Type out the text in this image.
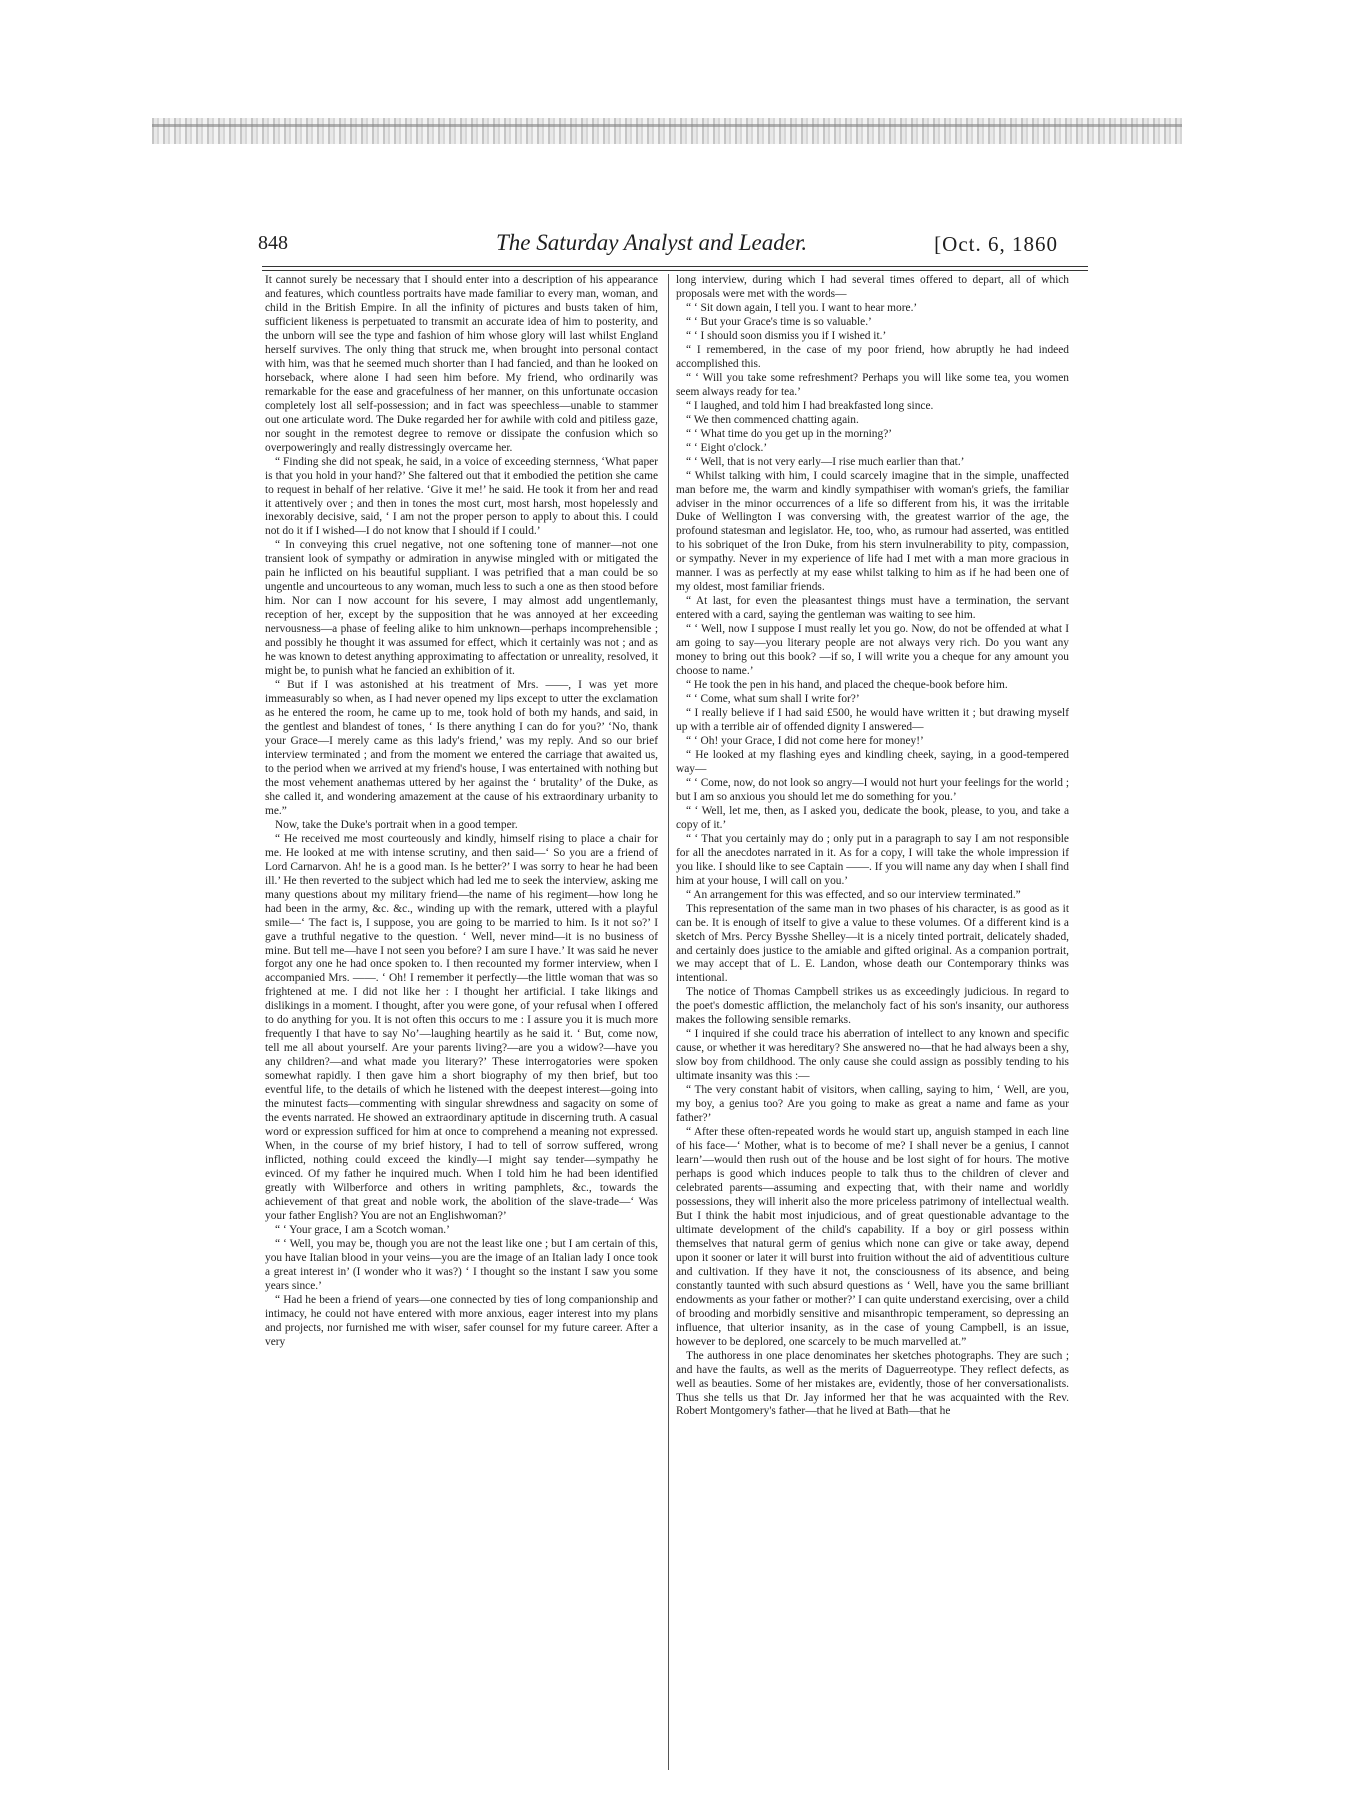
848	The Saturday Analyst and Leader.	[Oct. 6, 1860

It cannot surely be necessary that I should enter into a description of his appearance and features, which countless portraits have made familiar to every man, woman, and child in the British Empire. In all the infinity of pictures and busts taken of him, sufficient likeness is perpetuated to transmit an accurate idea of him to posterity, and the unborn will see the type and fashion of him whose glory will last whilst England herself survives. The only thing that struck me, when brought into personal contact with him, was that he seemed much shorter than I had fancied, and than he looked on horseback, where alone I had seen him before. My friend, who ordinarily was remarkable for the ease and gracefulness of her manner, on this unfortunate occasion completely lost all self-possession; and in fact was speechless—unable to stammer out one articulate word. The Duke regarded her for awhile with cold and pitiless gaze, nor sought in the remotest degree to remove or dissipate the confusion which so overpoweringly and really distressingly overcame her.

“ Finding she did not speak, he said, in a voice of exceeding sternness, ‘What paper is that you hold in your hand?’ She faltered out that it embodied the petition she came to request in behalf of her relative. ‘Give it me!’ he said. He took it from her and read it attentively over ; and then in tones the most curt, most harsh, most hopelessly and inexorably decisive, said, ‘ I am not the proper person to apply to about this. I could not do it if I wished—I do not know that I should if I could.’

“ In conveying this cruel negative, not one softening tone of manner—not one transient look of sympathy or admiration in anywise mingled with or mitigated the pain he inflicted on his beautiful suppliant. I was petrified that a man could be so ungentle and uncourteous to any woman, much less to such a one as then stood before him. Nor can I now account for his severe, I may almost add ungentlemanly, reception of her, except by the supposition that he was annoyed at her exceeding nervousness—a phase of feeling alike to him unknown—perhaps incomprehensible ; and possibly he thought it was assumed for effect, which it certainly was not ; and as he was known to detest anything approximating to affectation or unreality, resolved, it might be, to punish what he fancied an exhibition of it.

“ But if I was astonished at his treatment of Mrs. ——, I was yet more immeasurably so when, as I had never opened my lips except to utter the exclamation as he entered the room, he came up to me, took hold of both my hands, and said, in the gentlest and blandest of tones, ‘ Is there anything I can do for you?’ ‘No, thank your Grace—I merely came as this lady's friend,’ was my reply. And so our brief interview terminated ; and from the moment we entered the carriage that awaited us, to the period when we arrived at my friend's house, I was entertained with nothing but the most vehement anathemas uttered by her against the ‘ brutality’ of the Duke, as she called it, and wondering amazement at the cause of his extraordinary urbanity to me.”

Now, take the Duke's portrait when in a good temper.

“ He received me most courteously and kindly, himself rising to place a chair for me. He looked at me with intense scrutiny, and then said—‘ So you are a friend of Lord Carnarvon. Ah! he is a good man. Is he better?’ I was sorry to hear he had been ill.’ He then reverted to the subject which had led me to seek the interview, asking me many questions about my military friend—the name of his regiment—how long he had been in the army, &c. &c., winding up with the remark, uttered with a playful smile—‘ The fact is, I suppose, you are going to be married to him. Is it not so?’ I gave a truthful negative to the question. ‘ Well, never mind—it is no business of mine. But tell me—have I not seen you before? I am sure I have.’ It was said he never forgot any one he had once spoken to. I then recounted my former interview, when I accompanied Mrs. ——. ‘ Oh! I remember it perfectly—the little woman that was so frightened at me. I did not like her : I thought her artificial. I take likings and dislikings in a moment. I thought, after you were gone, of your refusal when I offered to do anything for you. It is not often this occurs to me : I assure you it is much more frequently I that have to say No’—laughing heartily as he said it. ‘ But, come now, tell me all about yourself. Are your parents living?—are you a widow?—have you any children?—and what made you literary?’ These interrogatories were spoken somewhat rapidly. I then gave him a short biography of my then brief, but too eventful life, to the details of which he listened with the deepest interest—going into the minutest facts—commenting with singular shrewdness and sagacity on some of the events narrated. He showed an extraordinary aptitude in discerning truth. A casual word or expression sufficed for him at once to comprehend a meaning not expressed. When, in the course of my brief history, I had to tell of sorrow suffered, wrong inflicted, nothing could exceed the kindly—I might say tender—sympathy he evinced. Of my father he inquired much. When I told him he had been identified greatly with Wilberforce and others in writing pamphlets, &c., towards the achievement of that great and noble work, the abolition of the slave-trade—‘ Was your father English? You are not an Englishwoman?’

“ ‘ Your grace, I am a Scotch woman.’

“ ‘ Well, you may be, though you are not the least like one ; but I am certain of this, you have Italian blood in your veins—you are the image of an Italian lady I once took a great interest in’ (I wonder who it was?) ‘ I thought so the instant I saw you some years since.’

“ Had he been a friend of years—one connected by ties of long companionship and intimacy, he could not have entered with more anxious, eager interest into my plans and projects, nor furnished me with wiser, safer counsel for my future career. After a very

long interview, during which I had several times offered to depart, all of which proposals were met with the words—

“ ‘ Sit down again, I tell you. I want to hear more.’

“ ‘ But your Grace's time is so valuable.’

“ ‘ I should soon dismiss you if I wished it.’

“ I remembered, in the case of my poor friend, how abruptly he had indeed accomplished this.

“ ‘ Will you take some refreshment? Perhaps you will like some tea, you women seem always ready for tea.’

“ I laughed, and told him I had breakfasted long since.

“ We then commenced chatting again.

“ ‘ What time do you get up in the morning?’

“ ‘ Eight o'clock.’

“ ‘ Well, that is not very early—I rise much earlier than that.’

“ Whilst talking with him, I could scarcely imagine that in the simple, unaffected man before me, the warm and kindly sympathiser with woman's griefs, the familiar adviser in the minor occurrences of a life so different from his, it was the irritable Duke of Wellington I was conversing with, the greatest warrior of the age, the profound statesman and legislator. He, too, who, as rumour had asserted, was entitled to his sobriquet of the Iron Duke, from his stern invulnerability to pity, compassion, or sympathy. Never in my experience of life had I met with a man more gracious in manner. I was as perfectly at my ease whilst talking to him as if he had been one of my oldest, most familiar friends.

“ At last, for even the pleasantest things must have a termination, the servant entered with a card, saying the gentleman was waiting to see him.

“ ‘ Well, now I suppose I must really let you go. Now, do not be offended at what I am going to say—you literary people are not always very rich. Do you want any money to bring out this book? —if so, I will write you a cheque for any amount you choose to name.’

“ He took the pen in his hand, and placed the cheque-book before him.

“ ‘ Come, what sum shall I write for?’

“ I really believe if I had said £500, he would have written it ; but drawing myself up with a terrible air of offended dignity I answered—

“ ‘ Oh! your Grace, I did not come here for money!’

“ He looked at my flashing eyes and kindling cheek, saying, in a good-tempered way—

“ ‘ Come, now, do not look so angry—I would not hurt your feelings for the world ; but I am so anxious you should let me do something for you.’

“ ‘ Well, let me, then, as I asked you, dedicate the book, please, to you, and take a copy of it.’

“ ‘ That you certainly may do ; only put in a paragraph to say I am not responsible for all the anecdotes narrated in it. As for a copy, I will take the whole impression if you like. I should like to see Captain ——. If you will name any day when I shall find him at your house, I will call on you.’

“ An arrangement for this was effected, and so our interview terminated.”

This representation of the same man in two phases of his character, is as good as it can be. It is enough of itself to give a value to these volumes. Of a different kind is a sketch of Mrs. Percy Bysshe Shelley—it is a nicely tinted portrait, delicately shaded, and certainly does justice to the amiable and gifted original. As a companion portrait, we may accept that of L. E. Landon, whose death our Contemporary thinks was intentional.

The notice of Thomas Campbell strikes us as exceedingly judicious. In regard to the poet's domestic affliction, the melancholy fact of his son's insanity, our authoress makes the following sensible remarks.

“ I inquired if she could trace his aberration of intellect to any known and specific cause, or whether it was hereditary? She answered no—that he had always been a shy, slow boy from childhood. The only cause she could assign as possibly tending to his ultimate insanity was this :—

“ The very constant habit of visitors, when calling, saying to him, ‘ Well, are you, my boy, a genius too? Are you going to make as great a name and fame as your father?’

“ After these often-repeated words he would start up, anguish stamped in each line of his face—‘ Mother, what is to become of me? I shall never be a genius, I cannot learn’—would then rush out of the house and be lost sight of for hours. The motive perhaps is good which induces people to talk thus to the children of clever and celebrated parents—assuming and expecting that, with their name and worldly possessions, they will inherit also the more priceless patrimony of intellectual wealth. But I think the habit most injudicious, and of great questionable advantage to the ultimate development of the child's capability. If a boy or girl possess within themselves that natural germ of genius which none can give or take away, depend upon it sooner or later it will burst into fruition without the aid of adventitious culture and cultivation. If they have it not, the consciousness of its absence, and being constantly taunted with such absurd questions as ‘ Well, have you the same brilliant endowments as your father or mother?’ I can quite understand exercising, over a child of brooding and morbidly sensitive and misanthropic temperament, so depressing an influence, that ulterior insanity, as in the case of young Campbell, is an issue, however to be deplored, one scarcely to be much marvelled at.”

The authoress in one place denominates her sketches photographs. They are such ; and have the faults, as well as the merits of Daguerreotype. They reflect defects, as well as beauties. Some of her mistakes are, evidently, those of her conversationalists. Thus she tells us that Dr. Jay informed her that he was acquainted with the Rev. Robert Montgomery's father—that he lived at Bath—that he
